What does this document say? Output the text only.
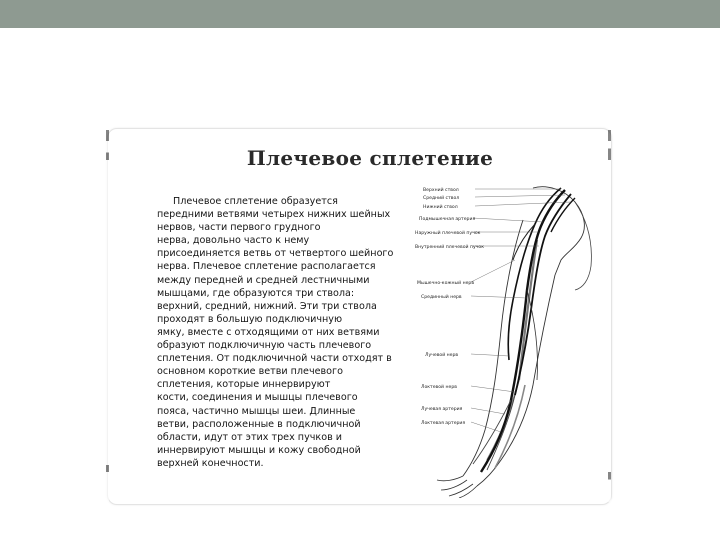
Плечевое сплетение
Плечевое сплетение образуется
передними ветвями четырех нижних шейных
нервов, части первого грудного
нерва, довольно часто к нему
присоединяется ветвь от четвертого шейного
нерва. Плечевое сплетение располагается
между передней и средней лестничными
мышцами, где образуются три ствола:
верхний, средний, нижний. Эти три ствола
проходят в большую подключичную
ямку, вместе с отходящими от них ветвями
образуют подключичную часть плечевого
сплетения. От подключичной части отходят в
основном короткие ветви плечевого
сплетения, которые иннервируют
кости, соединения и мышцы плечевого
пояса, частично мышцы шеи. Длинные
ветви, расположенные в подключичной
области, идут от этих трех пучков и
иннервируют мышцы и кожу свободной
верхней конечности.
Верхний ствол
Средний ствол
Нижний ствол
Подмышечная артерия
Наружный плечевой пучок
Внутренний плечевой пучок
Мышечно-кожный нерв
Срединный нерв
Лучевой нерв
Локтевой нерв
Лучевая артерия
Локтевая артерия
